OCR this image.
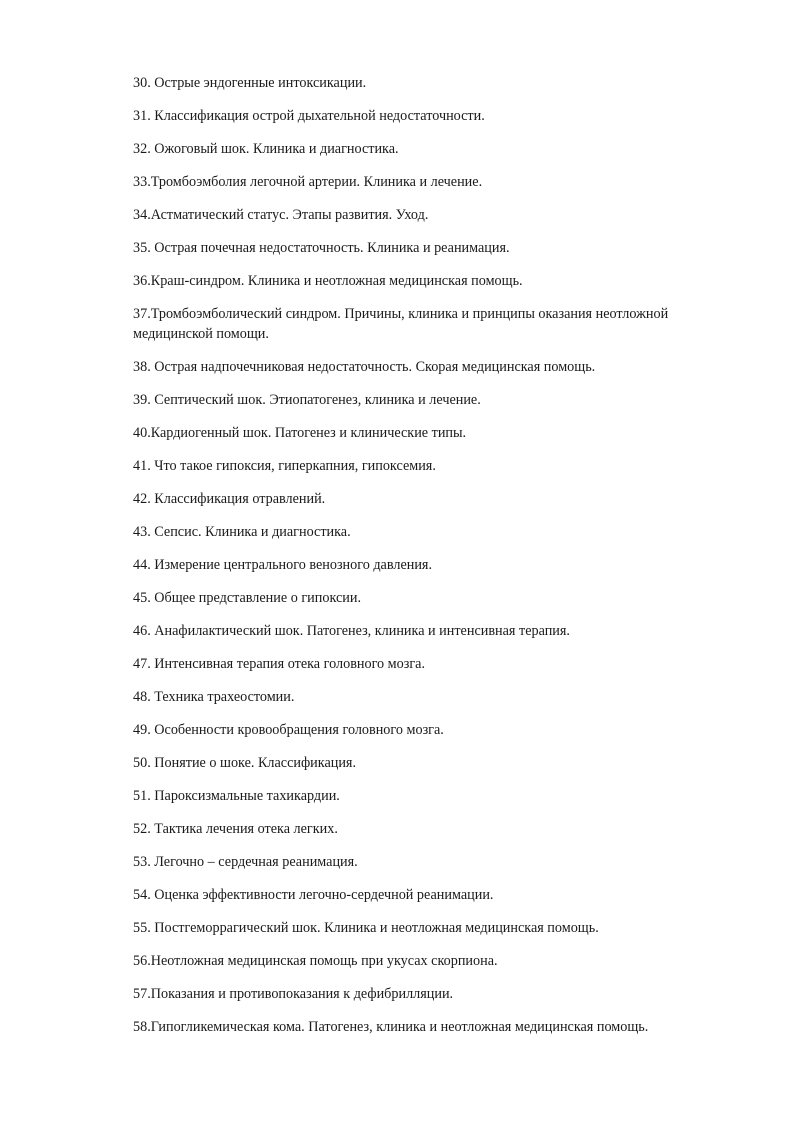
30. Острые эндогенные интоксикации.
31. Классификация острой дыхательной недостаточности.
32. Ожоговый шок. Клиника и диагностика.
33.Тромбоэмболия легочной артерии. Клиника и лечение.
34.Астматический статус. Этапы развития. Уход.
35. Острая почечная недостаточность. Клиника и реанимация.
36.Краш-синдром. Клиника и неотложная медицинская помощь.
37.Тромбоэмболический синдром. Причины, клиника и принципы оказания неотложной медицинской помощи.
38. Острая надпочечниковая недостаточность. Скорая медицинская помощь.
39. Септический шок. Этиопатогенез, клиника и лечение.
40.Кардиогенный шок. Патогенез и клинические типы.
41. Что такое гипоксия, гиперкапния, гипоксемия.
42. Классификация отравлений.
43. Сепсис. Клиника и диагностика.
44. Измерение центрального венозного давления.
45. Общее представление о гипоксии.
46. Анафилактический шок. Патогенез, клиника и интенсивная терапия.
47. Интенсивная терапия отека головного мозга.
48. Техника трахеостомии.
49. Особенности кровообращения головного мозга.
50. Понятие о шоке. Классификация.
51. Пароксизмальные тахикардии.
52. Тактика лечения отека легких.
53. Легочно – сердечная реанимация.
54. Оценка эффективности легочно-сердечной реанимации.
55. Постгеморрагический шок. Клиника и неотложная медицинская помощь.
56.Неотложная медицинская помощь при укусах скорпиона.
57.Показания и противопоказания к дефибрилляции.
58.Гипогликемическая кома. Патогенез, клиника и неотложная медицинская помощь.
